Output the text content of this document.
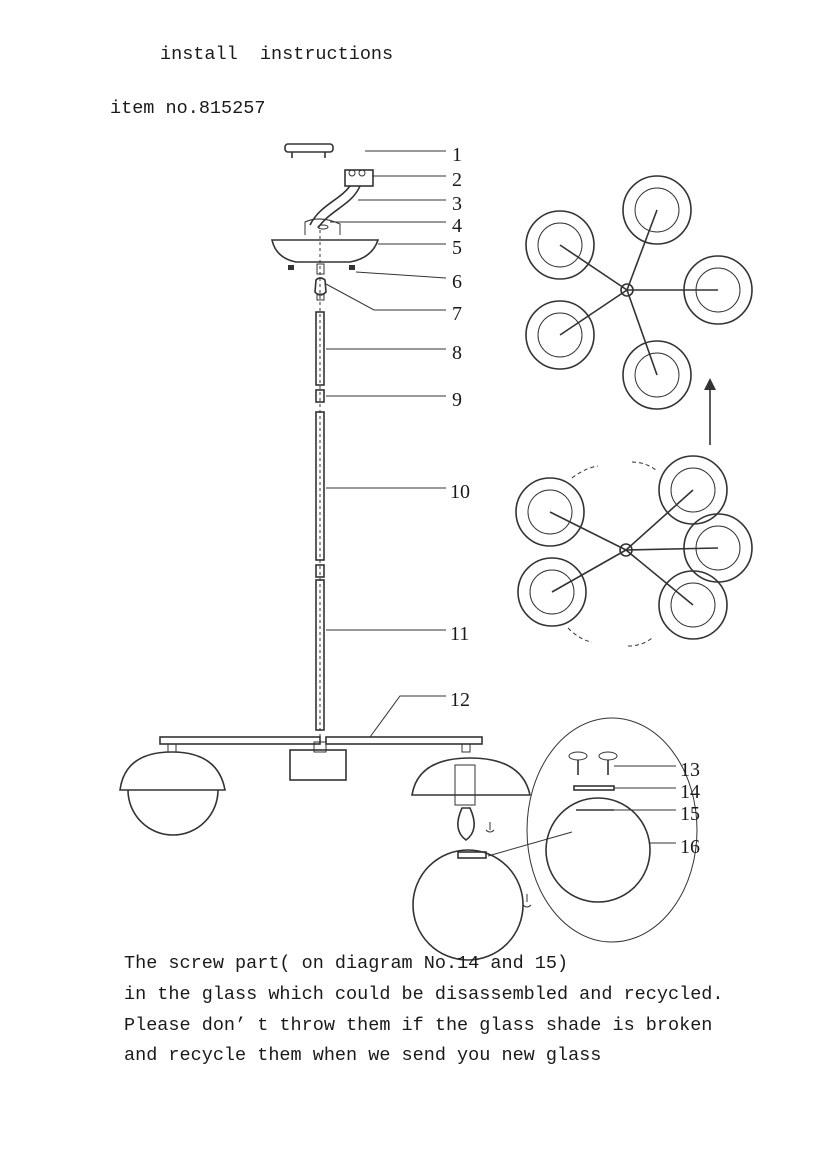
install  instructions
item no.815257
1
2
3
4
5
6
7
8
9
10
11
12
13
14
15
16
The screw part( on diagram No.14 and 15)
in the glass which could be disassembled and recycled.
Please don’ t throw them if the glass shade is broken
and recycle them when we send you new glass
